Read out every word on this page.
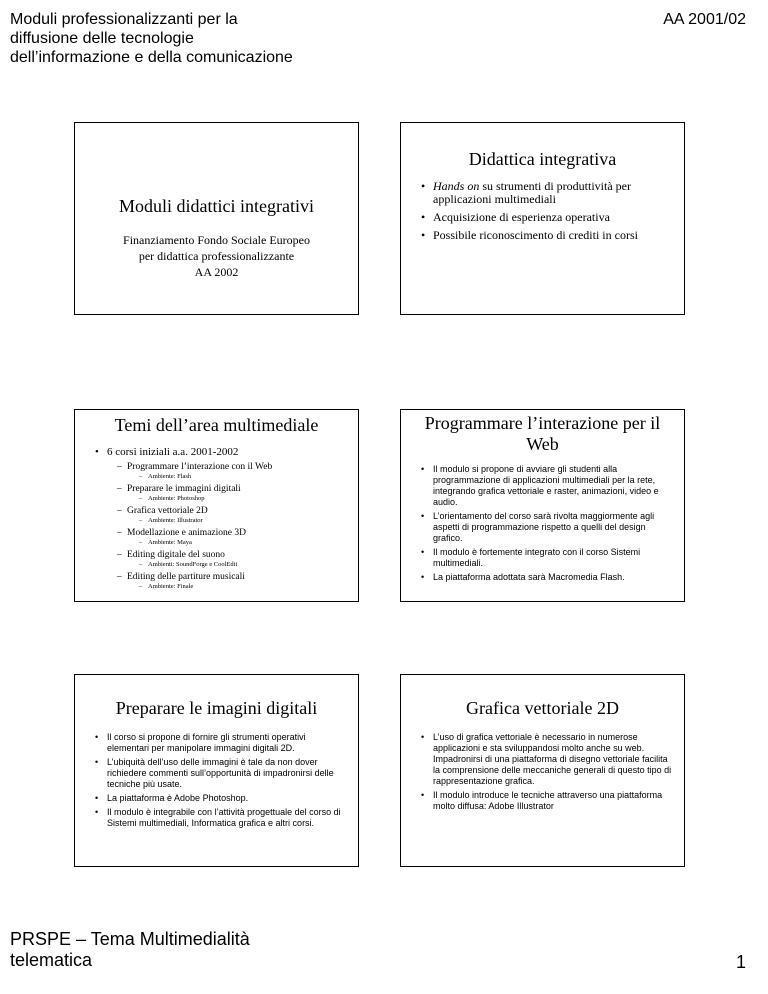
Moduli professionalizzanti per la diffusione delle tecnologie dell’informazione e della comunicazione
AA 2001/02
Moduli didattici integrativi
Finanziamento Fondo Sociale Europeo
per didattica professionalizzante
AA 2002
Didattica integrativa
• Hands on su strumenti di produttività per applicazioni multimediali
• Acquisizione di esperienza operativa
• Possibile riconoscimento di crediti in corsi
Temi dell’area multimediale
• 6 corsi iniziali a.a. 2001-2002
– Programmare l’interazione con il Web
– Ambiente: Flash
– Preparare le immagini digitali
– Ambiente: Photoshop
– Grafica vettoriale 2D
– Ambiente: Illustrator
– Modellazione e animazione 3D
– Ambiente: Maya
– Editing digitale del suono
– Ambienti: SoundForge e CoolEdit
– Editing delle partiture musicali
– Ambiente: Finale
Programmare l’interazione per il Web
• Il modulo si propone di avviare gli studenti alla programmazione di applicazioni multimediali per la rete, integrando grafica vettoriale e raster, animazioni, video e audio.
• L’orientamento del corso sarà rivolta maggiormente agli aspetti di programmazione rispetto a quelli del design grafico.
• Il modulo è fortemente integrato con il corso Sistemi multimediali.
• La piattaforma adottata sarà Macromedia Flash.
Preparare le imagini digitali
• Il corso si propone di fornire gli strumenti operativi elementari per manipolare immagini digitali 2D.
• L’ubiquità dell’uso delle immagini è tale da non dover richiedere commenti sull’opportunità di impadronirsi delle tecniche più usate.
• La piattaforma è Adobe Photoshop.
• Il modulo è integrabile con l’attività progettuale del corso di Sistemi multimediali, Informatica grafica e altri corsi.
Grafica vettoriale 2D
• L’uso di grafica vettoriale è necessario in numerose applicazioni e sta sviluppandosi molto anche su web. Impadronirsi di una piattaforma di disegno vettoriale facilita la comprensione delle meccaniche generali di questo tipo di rappresentazione grafica.
• Il modulo introduce le tecniche attraverso una piattaforma molto diffusa: Adobe Illustrator
PRSPE – Tema Multimedialità
telematica	1
